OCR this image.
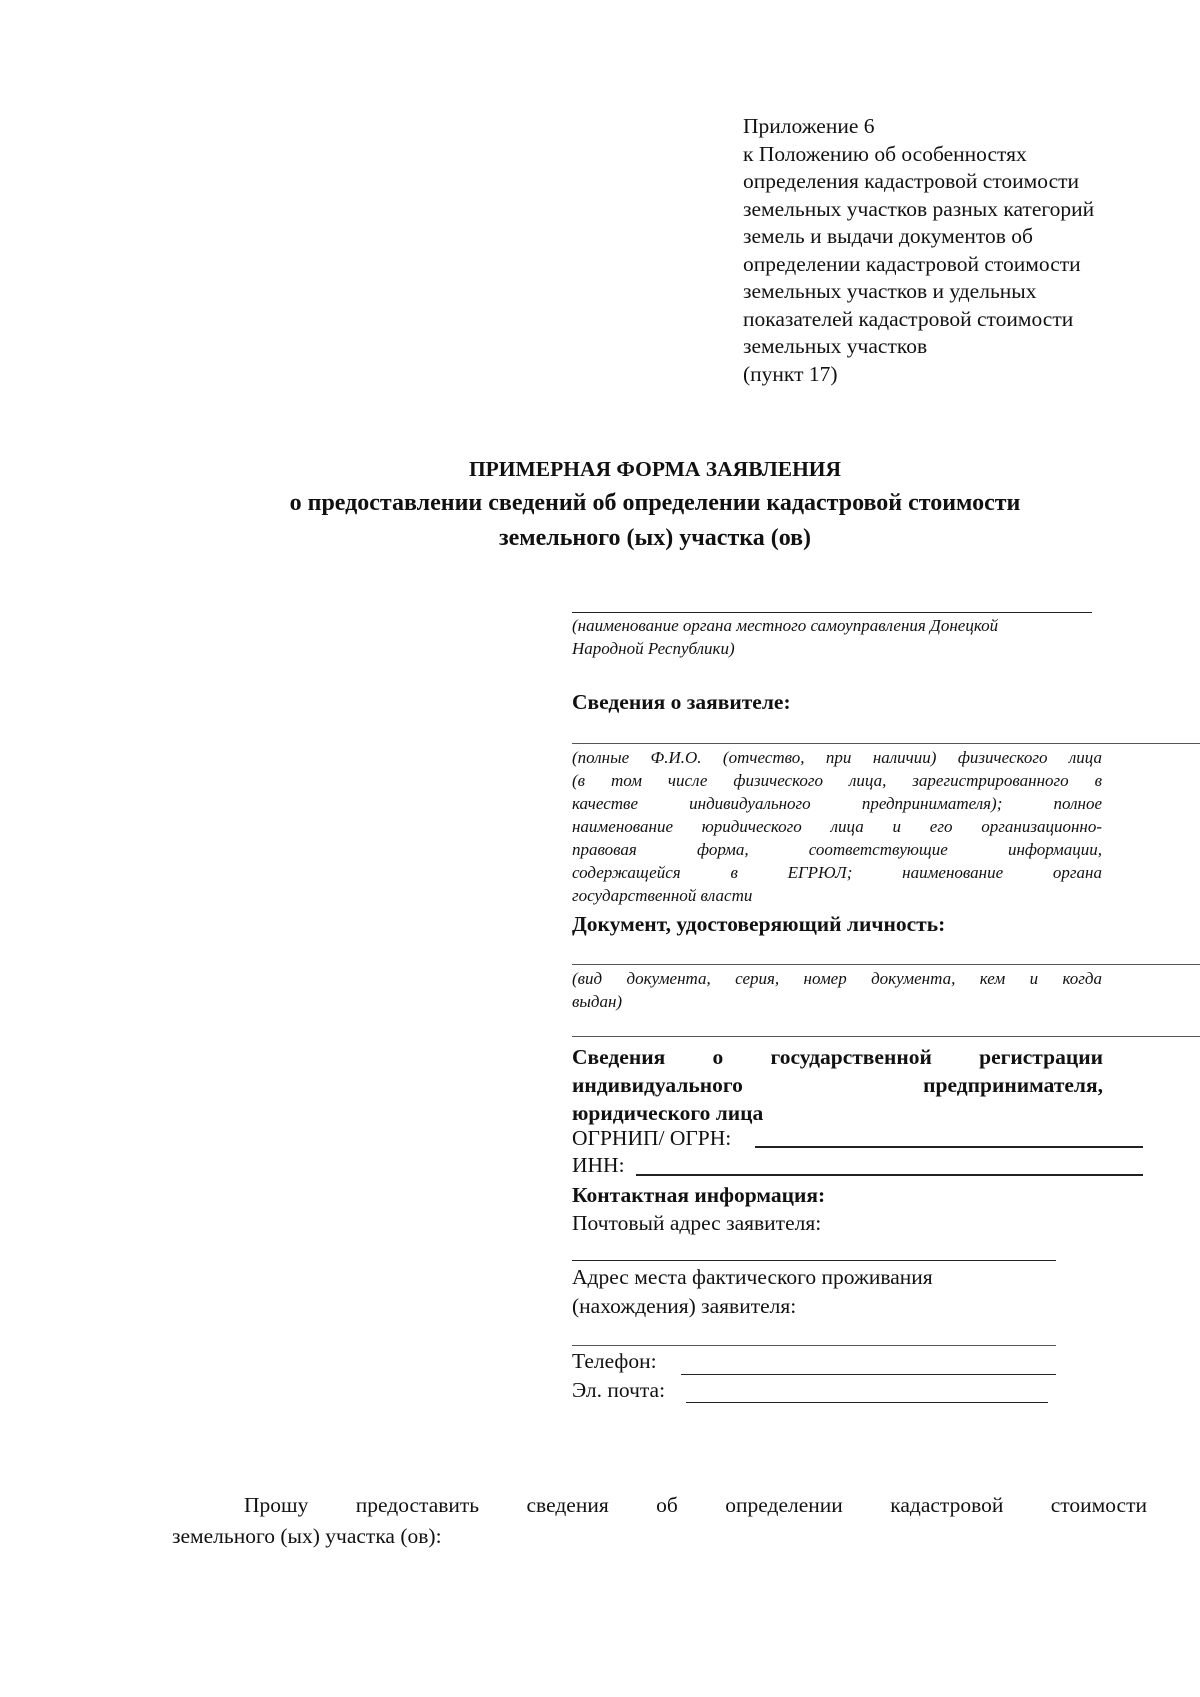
Приложение 6
к Положению об особенностях
определения кадастровой стоимости
земельных участков разных категорий
земель и выдачи документов об
определении кадастровой стоимости
земельных участков и удельных
показателей кадастровой стоимости
земельных участков
(пункт 17)
ПРИМЕРНАЯ ФОРМА ЗАЯВЛЕНИЯ
о предоставлении сведений об определении кадастровой стоимости
земельного (ых) участка (ов)
(наименование органа местного самоуправления Донецкой
Народной Республики)
Сведения о заявителе:
(полные Ф.И.О. (отчество, при наличии) физического лица
(в том числе физического лица, зарегистрированного в
качестве индивидуального предпринимателя); полное
наименование юридического лица и его организационно-
правовая форма, соответствующие информации,
содержащейся в ЕГРЮЛ; наименование органа
государственной власти
Документ, удостоверяющий личность:
(вид документа, серия, номер документа, кем и когда
выдан)
Сведения о государственной регистрации
индивидуального предпринимателя,
юридического лица
ОГРНИП/ ОГРН:
ИНН:
Контактная информация:
Почтовый адрес заявителя:
Адрес места фактического проживания
(нахождения) заявителя:
Телефон:
Эл. почта:
Прошу предоставить сведения об определении кадастровой стоимости
земельного (ых) участка (ов):
